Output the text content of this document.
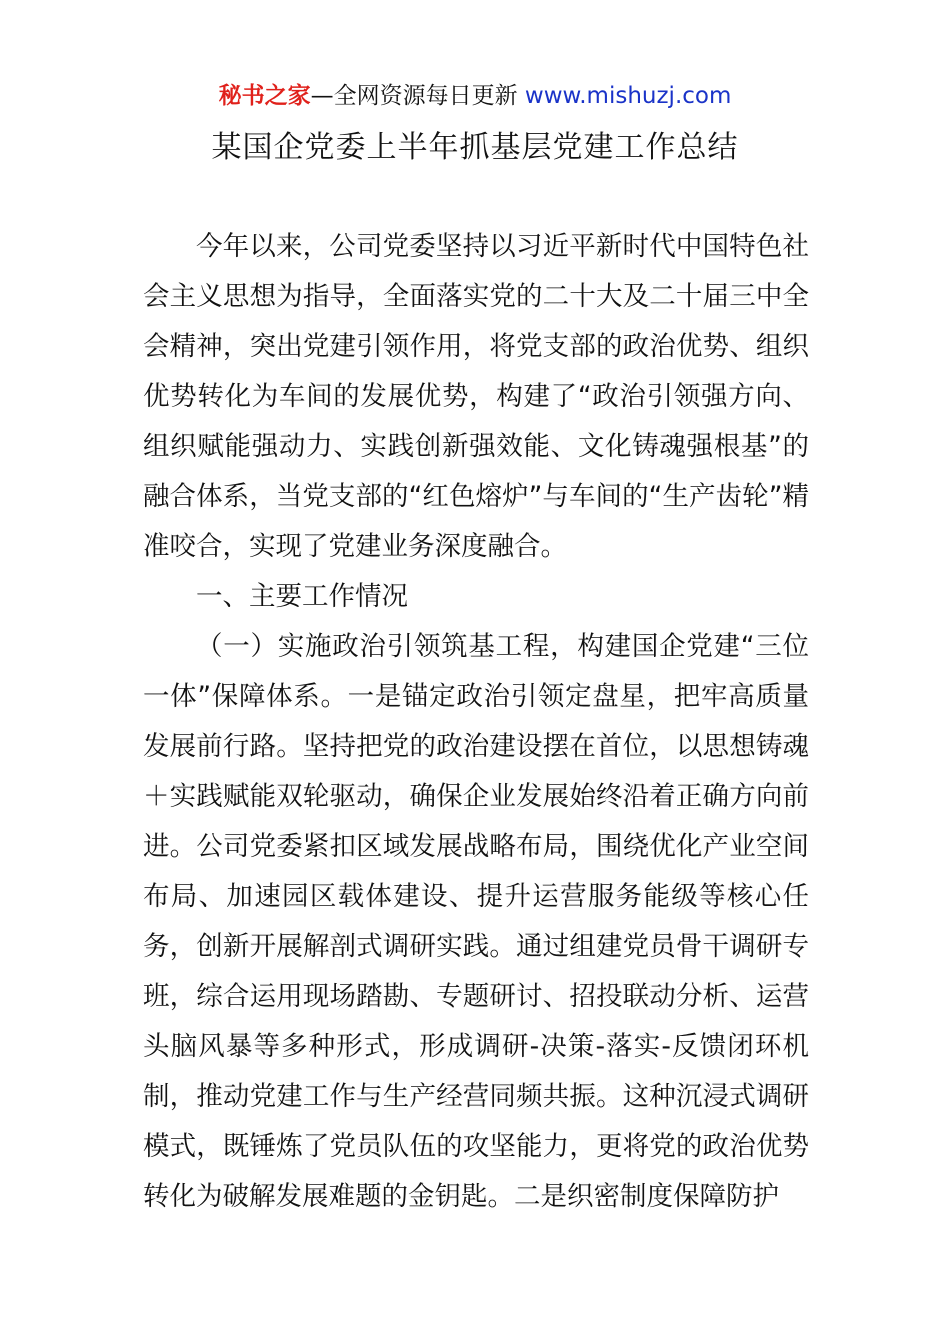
秘书之家—全网资源每日更新 www.mishuzj.com
某国企党委上半年抓基层党建工作总结

今年以来，公司党委坚持以习近平新时代中国特色社会主义思想为指导，全面落实党的二十大及二十届三中全会精神，突出党建引领作用，将党支部的政治优势、组织优势转化为车间的发展优势，构建了“政治引领强方向、组织赋能强动力、实践创新强效能、文化铸魂强根基”的融合体系，当党支部的“红色熔炉”与车间的“生产齿轮”精准咬合，实现了党建业务深度融合。

一、主要工作情况

（一）实施政治引领筑基工程，构建国企党建“三位一体”保障体系。一是锚定政治引领定盘星，把牢高质量发展前行路。坚持把党的政治建设摆在首位，以思想铸魂＋实践赋能双轮驱动，确保企业发展始终沿着正确方向前进。公司党委紧扣区域发展战略布局，围绕优化产业空间布局、加速园区载体建设、提升运营服务能级等核心任务，创新开展解剖式调研实践。通过组建党员骨干调研专班，综合运用现场踏勘、专题研讨、招投联动分析、运营头脑风暴等多种形式，形成调研-决策-落实-反馈闭环机制，推动党建工作与生产经营同频共振。这种沉浸式调研模式，既锤炼了党员队伍的攻坚能力，更将党的政治优势转化为破解发展难题的金钥匙。二是织密制度保障防护
